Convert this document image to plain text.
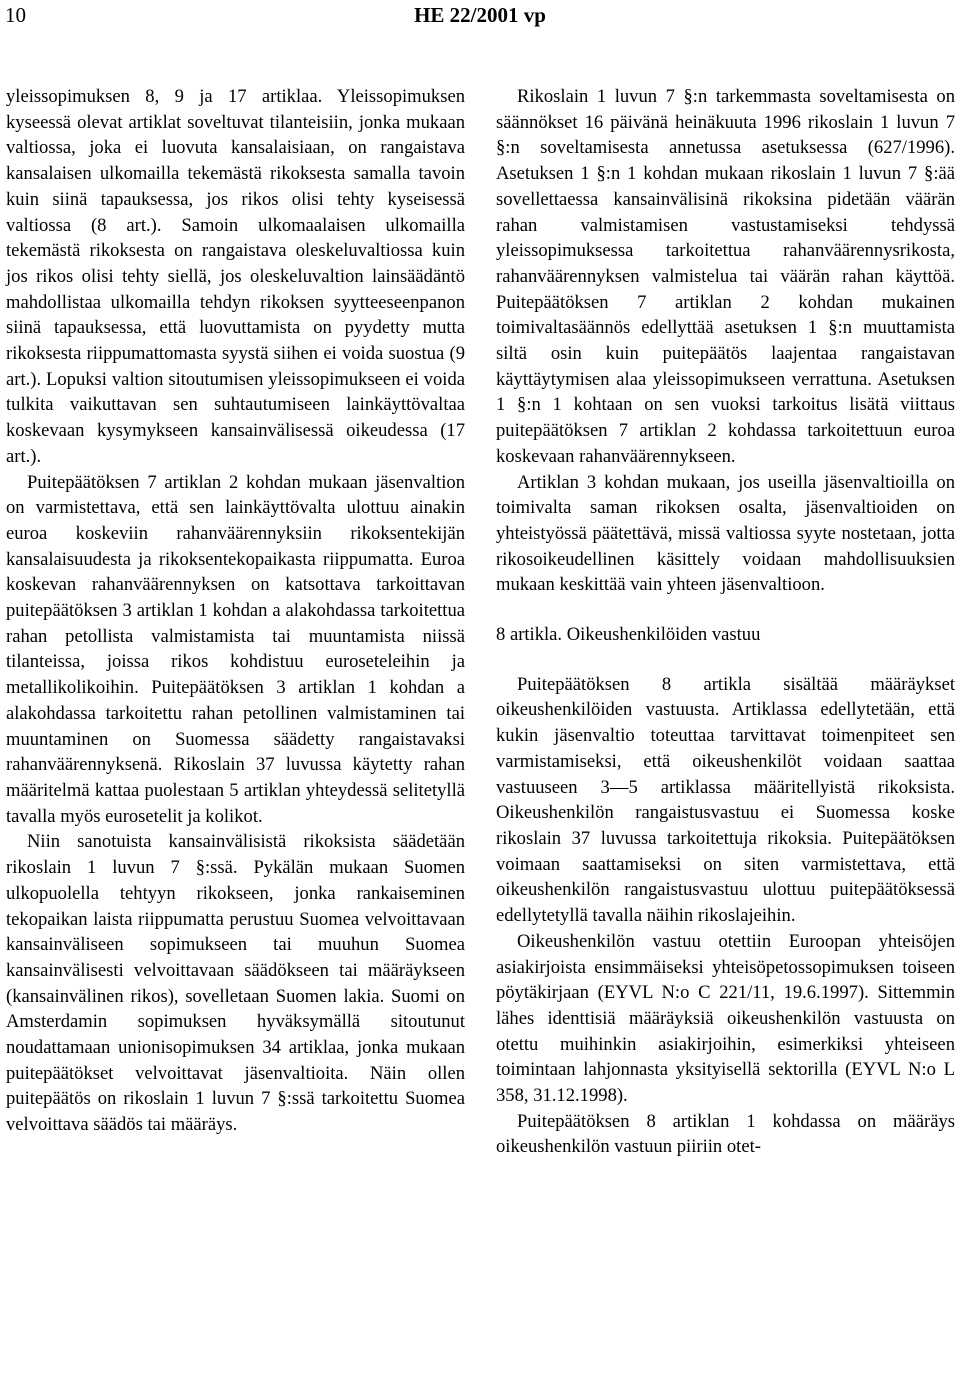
10	HE 22/2001 vp

yleissopimuksen 8, 9 ja 17 artiklaa. Yleissopimuksen kyseessä olevat artiklat soveltuvat tilanteisiin, jonka mukaan valtiossa, joka ei luovuta kansalaisiaan, on rangaistava kansalaisen ulkomailla tekemästä rikoksesta samalla tavoin kuin siinä tapauksessa, jos rikos olisi tehty kyseisessä valtiossa (8 art.). Samoin ulkomaalaisen ulkomailla tekemästä rikoksesta on rangaistava oleskeluvaltiossa kuin jos rikos olisi tehty siellä, jos oleskeluvaltion lainsäädäntö mahdollistaa ulkomailla tehdyn rikoksen syytteeseenpanon siinä tapauksessa, että luovuttamista on pyydetty mutta rikoksesta riippumattomasta syystä siihen ei voida suostua (9 art.). Lopuksi valtion sitoutumisen yleissopimukseen ei voida tulkita vaikuttavan sen suhtautumiseen lainkäyttövaltaa koskevaan kysymykseen kansainvälisessä oikeudessa (17 art.).

Puitepäätöksen 7 artiklan 2 kohdan mukaan jäsenvaltion on varmistettava, että sen lainkäyttövalta ulottuu ainakin euroa koskeviin rahanväärennyksiin rikoksentekijän kansalaisuudesta ja rikoksentekopaikasta riippumatta. Euroa koskevan rahanväärennyksen on katsottava tarkoittavan puitepäätöksen 3 artiklan 1 kohdan a alakohdassa tarkoitettua rahan petollista valmistamista tai muuntamista niissä tilanteissa, joissa rikos kohdistuu euroseteleihin ja metallikolikoihin. Puitepäätöksen 3 artiklan 1 kohdan a alakohdassa tarkoitettu rahan petollinen valmistaminen tai muuntaminen on Suomessa säädetty rangaistavaksi rahanväärennyksenä. Rikoslain 37 luvussa käytetty rahan määritelmä kattaa puolestaan 5 artiklan yhteydessä selitetyllä tavalla myös eurosetelit ja kolikot.

Niin sanotuista kansainvälisistä rikoksista säädetään rikoslain 1 luvun 7 §:ssä. Pykälän mukaan Suomen ulkopuolella tehtyyn rikokseen, jonka rankaiseminen tekopaikan laista riippumatta perustuu Suomea velvoittavaan kansainväliseen sopimukseen tai muuhun Suomea kansainvälisesti velvoittavaan säädökseen tai määräykseen (kansainvälinen rikos), sovelletaan Suomen lakia. Suomi on Amsterdamin sopimuksen hyväksymällä sitoutunut noudattamaan unionisopimuksen 34 artiklaa, jonka mukaan puitepäätökset velvoittavat jäsenvaltioita. Näin ollen puitepäätös on rikoslain 1 luvun 7 §:ssä tarkoitettu Suomea velvoittava säädös tai määräys.

Rikoslain 1 luvun 7 §:n tarkemmasta soveltamisesta on säännökset 16 päivänä heinäkuuta 1996 rikoslain 1 luvun 7 §:n soveltamisesta annetussa asetuksessa (627/1996). Asetuksen 1 §:n 1 kohdan mukaan rikoslain 1 luvun 7 §:ää sovellettaessa kansainvälisinä rikoksina pidetään väärän rahan valmistamisen vastustamiseksi tehdyssä yleissopimuksessa tarkoitettua rahanväärennysrikosta, rahanväärennyksen valmistelua tai väärän rahan käyttöä. Puitepäätöksen 7 artiklan 2 kohdan mukainen toimivaltasäännös edellyttää asetuksen 1 §:n muuttamista siltä osin kuin puitepäätös laajentaa rangaistavan käyttäytymisen alaa yleissopimukseen verrattuna. Asetuksen 1 §:n 1 kohtaan on sen vuoksi tarkoitus lisätä viittaus puitepäätöksen 7 artiklan 2 kohdassa tarkoitettuun euroa koskevaan rahanväärennykseen.

Artiklan 3 kohdan mukaan, jos useilla jäsenvaltioilla on toimivalta saman rikoksen osalta, jäsenvaltioiden on yhteistyössä päätettävä, missä valtiossa syyte nostetaan, jotta rikosoikeudellinen käsittely voidaan mahdollisuuksien mukaan keskittää vain yhteen jäsenvaltioon.

8 artikla. Oikeushenkilöiden vastuu

Puitepäätöksen 8 artikla sisältää määräykset oikeushenkilöiden vastuusta. Artiklassa edellytetään, että kukin jäsenvaltio toteuttaa tarvittavat toimenpiteet sen varmistamiseksi, että oikeushenkilöt voidaan saattaa vastuuseen 3—5 artiklassa määritellyistä rikoksista. Oikeushenkilön rangaistusvastuu ei Suomessa koske rikoslain 37 luvussa tarkoitettuja rikoksia. Puitepäätöksen voimaan saattamiseksi on siten varmistettava, että oikeushenkilön rangaistusvastuu ulottuu puitepäätöksessä edellytetyllä tavalla näihin rikoslajeihin.

Oikeushenkilön vastuu otettiin Euroopan yhteisöjen asiakirjoista ensimmäiseksi yhteisöpetossopimuksen toiseen pöytäkirjaan (EYVL N:o C 221/11, 19.6.1997). Sittemmin lähes identtisiä määräyksiä oikeushenkilön vastuusta on otettu muihinkin asiakirjoihin, esimerkiksi yhteiseen toimintaan lahjonnasta yksityisellä sektorilla (EYVL N:o L 358, 31.12.1998).

Puitepäätöksen 8 artiklan 1 kohdassa on määräys oikeushenkilön vastuun piiriin otet-
